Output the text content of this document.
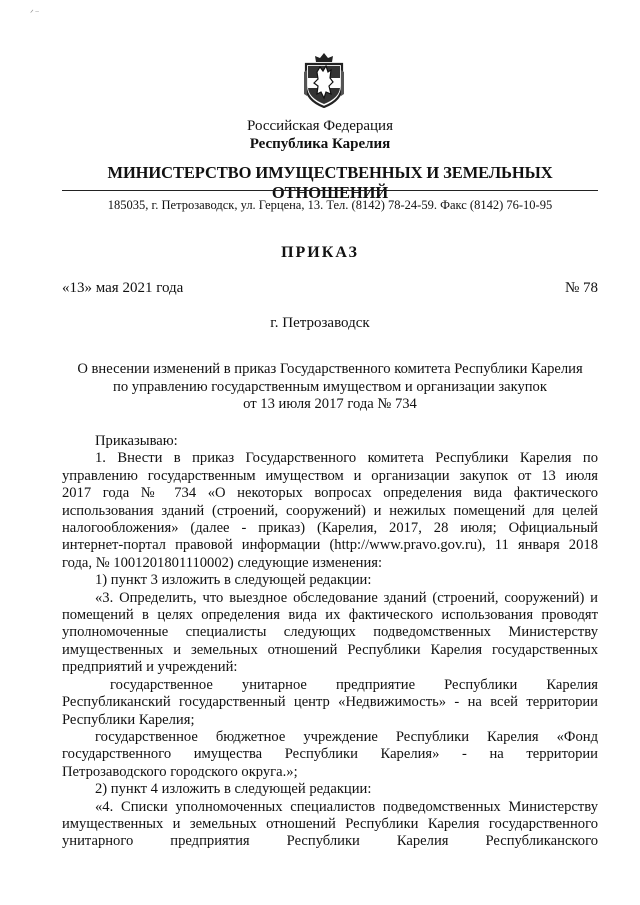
ᐟ⁻
Российская Федерация
Республика Карелия
МИНИСТЕРСТВО ИМУЩЕСТВЕННЫХ И ЗЕМЕЛЬНЫХ ОТНОШЕНИЙ
185035, г. Петрозаводск, ул. Герцена, 13. Тел. (8142) 78-24-59. Факс (8142) 76-10-95
ПРИКАЗ
«13» мая 2021 года	№ 78
г. Петрозаводск
О внесении изменений в приказ Государственного комитета Республики Карелия
по управлению государственным имуществом и организации закупок
от 13 июля 2017 года № 734
Приказываю:
1. Внести в приказ Государственного комитета Республики Карелия по
управлению государственным имуществом и организации закупок от 13 июля
2017 года № 734 «О некоторых вопросах определения вида фактического
использования зданий (строений, сооружений) и нежилых помещений для целей
налогообложения» (далее - приказ) (Карелия, 2017, 28 июля; Официальный
интернет-портал правовой информации (http://www.pravo.gov.ru), 11 января 2018
года, № 1001201801110002) следующие изменения:
1) пункт 3 изложить в следующей редакции:
«3. Определить, что выездное обследование зданий (строений, сооружений) и
помещений в целях определения вида их фактического использования проводят
уполномоченные специалисты следующих подведомственных Министерству
имущественных и земельных отношений Республики Карелия государственных
предприятий и учреждений:
государственное унитарное предприятие Республики Карелия
Республиканский государственный центр «Недвижимость» - на всей территории
Республики Карелия;
государственное бюджетное учреждение Республики Карелия «Фонд
государственного имущества Республики Карелия» - на территории
Петрозаводского городского округа.»;
2) пункт 4 изложить в следующей редакции:
«4. Списки уполномоченных специалистов подведомственных Министерству
имущественных и земельных отношений Республики Карелия государственного
унитарного предприятия Республики Карелия Республиканского
